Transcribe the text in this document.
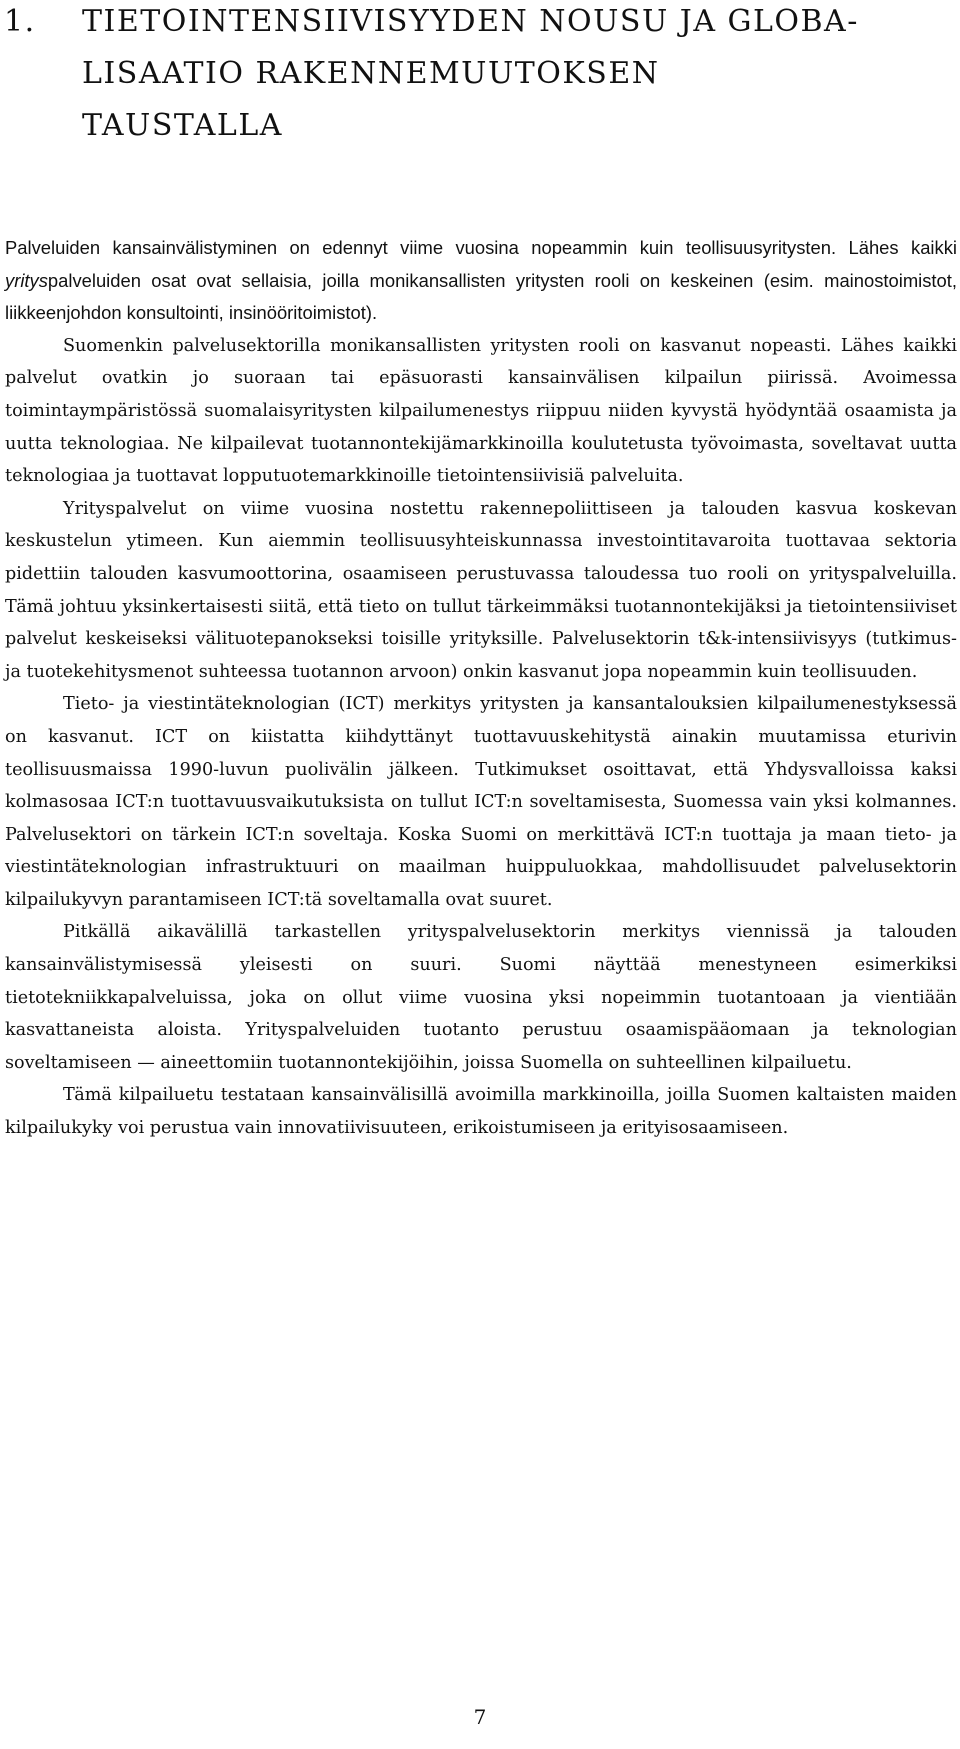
1. TIETOINTENSIIVISYYDEN NOUSU JA GLOBA-
LISAATIO RAKENNEMUUTOKSEN
TAUSTALLA

Palveluiden kansainvälistyminen on edennyt viime vuosina nopeammin kuin teollisuusyritysten. Lähes kaikki yrityspalveluiden osat ovat sellaisia, joilla monikansallisten yritysten rooli on keskeinen (esim. mainostoimistot, liikkeenjohdon konsultointi, insinööritoimistot).

Suomenkin palvelusektorilla monikansallisten yritysten rooli on kasvanut nopeasti. Lähes kaikki palvelut ovatkin jo suoraan tai epäsuorasti kansainvälisen kilpailun piirissä. Avoimessa toimintaympäristössä suomalaisyritysten kilpailumenestys riippuu niiden kyvystä hyödyntää osaamista ja uutta teknologiaa. Ne kilpailevat tuotannontekijämarkkinoilla koulutetusta työvoimasta, soveltavat uutta teknologiaa ja tuottavat lopputuotemarkkinoille tietointensiivisiä palveluita.

Yrityspalvelut on viime vuosina nostettu rakennepoliittiseen ja talouden kasvua koskevan keskustelun ytimeen. Kun aiemmin teollisuusyhteiskunnassa investointitavaroita tuottavaa sektoria pidettiin talouden kasvumoottorina, osaamiseen perustuvassa taloudessa tuo rooli on yrityspalveluilla. Tämä johtuu yksinkertaisesti siitä, että tieto on tullut tärkeimmäksi tuotannontekijäksi ja tietointensiiviset palvelut keskeiseksi välituotepanokseksi toisille yrityksille. Palvelusektorin t&k-intensiivisyys (tutkimus- ja tuotekehitysmenot suhteessa tuotannon arvoon) onkin kasvanut jopa nopeammin kuin teollisuuden.

Tieto- ja viestintäteknologian (ICT) merkitys yritysten ja kansantalouksien kilpailumenestyksessä on kasvanut. ICT on kiistatta kiihdyttänyt tuottavuuskehitystä ainakin muutamissa eturivin teollisuusmaissa 1990-luvun puolivälin jälkeen. Tutkimukset osoittavat, että Yhdysvalloissa kaksi kolmasosaa ICT:n tuottavuusvaikutuksista on tullut ICT:n soveltamisesta, Suomessa vain yksi kolmannes. Palvelusektori on tärkein ICT:n soveltaja. Koska Suomi on merkittävä ICT:n tuottaja ja maan tieto- ja viestintäteknologian infrastruktuuri on maailman huippuluokkaa, mahdollisuudet palvelusektorin kilpailukyvyn parantamiseen ICT:tä soveltamalla ovat suuret.

Pitkällä aikavälillä tarkastellen yrityspalvelusektorin merkitys viennissä ja talouden kansainvälistymisessä yleisesti on suuri. Suomi näyttää menestyneen esimerkiksi tietotekniikkapalveluissa, joka on ollut viime vuosina yksi nopeimmin tuotantoaan ja vientiään kasvattaneista aloista. Yrityspalveluiden tuotanto perustuu osaamispääomaan ja teknologian soveltamiseen — aineettomiin tuotannontekijöihin, joissa Suomella on suhteellinen kilpailuetu.

Tämä kilpailuetu testataan kansainvälisillä avoimilla markkinoilla, joilla Suomen kaltaisten maiden kilpailukyky voi perustua vain innovatiivisuuteen, erikoistumiseen ja erityisosaamiseen.

7
